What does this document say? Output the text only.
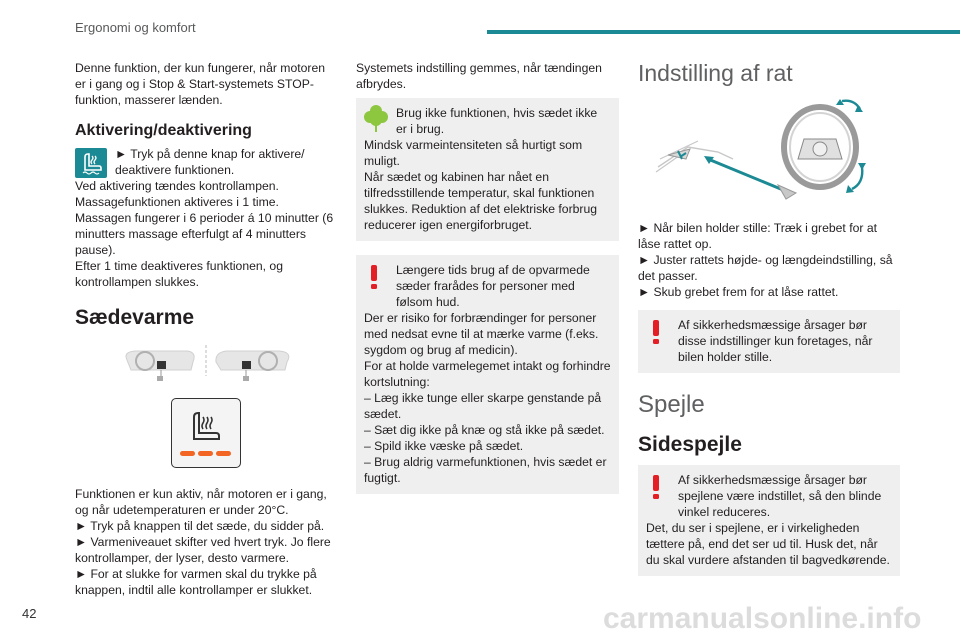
Ergonomi og komfort

Denne funktion, der kun fungerer, når motoren er i gang og i Stop & Start-systemets STOP-funktion, masserer lænden.

Aktivering/deaktivering

► Tryk på denne knap for aktivere/ deaktivere funktionen.

Ved aktivering tændes kontrollampen.

Massagefunktionen aktiveres i 1 time.

Massagen fungerer i 6 perioder á 10 minutter (6 minutters massage efterfulgt af 4 minutters pause).

Efter 1 time deaktiveres funktionen, og kontrollampen slukkes.

Sædevarme

Funktionen er kun aktiv, når motoren er i gang, og når udetemperaturen er under 20°C.

► Tryk på knappen til det sæde, du sidder på.

► Varmeniveauet skifter ved hvert tryk. Jo flere kontrollamper, der lyser, desto varmere.

► For at slukke for varmen skal du trykke på knappen, indtil alle kontrollamper er slukket.

Systemets indstilling gemmes, når tændingen afbrydes.

Brug ikke funktionen, hvis sædet ikke er i brug.

Mindsk varmeintensiteten så hurtigt som muligt.

Når sædet og kabinen har nået en tilfredsstillende temperatur, skal funktionen slukkes. Reduktion af det elektriske forbrug reducerer igen energiforbruget.

Længere tids brug af de opvarmede sæder frarådes for personer med følsom hud.

Der er risiko for forbrændinger for personer med nedsat evne til at mærke varme (f.eks. sygdom og brug af medicin).

For at holde varmelegemet intakt og forhindre kortslutning:

– Læg ikke tunge eller skarpe genstande på sædet.

– Sæt dig ikke på knæ og stå ikke på sædet.

– Spild ikke væske på sædet.

– Brug aldrig varmefunktionen, hvis sædet er fugtigt.

Indstilling af rat

► Når bilen holder stille: Træk i grebet for at låse rattet op.

► Juster rattets højde- og længdeindstilling, så det passer.

► Skub grebet frem for at låse rattet.

Af sikkerhedsmæssige årsager bør disse indstillinger kun foretages, når bilen holder stille.

Spejle
Sidespejle

Af sikkerhedsmæssige årsager bør spejlene være indstillet, så den blinde vinkel reduceres.

Det, du ser i spejlene, er i virkeligheden tættere på, end det ser ud til. Husk det, når du skal vurdere afstanden til bagvedkørende.

42	carmanualsonline.info
